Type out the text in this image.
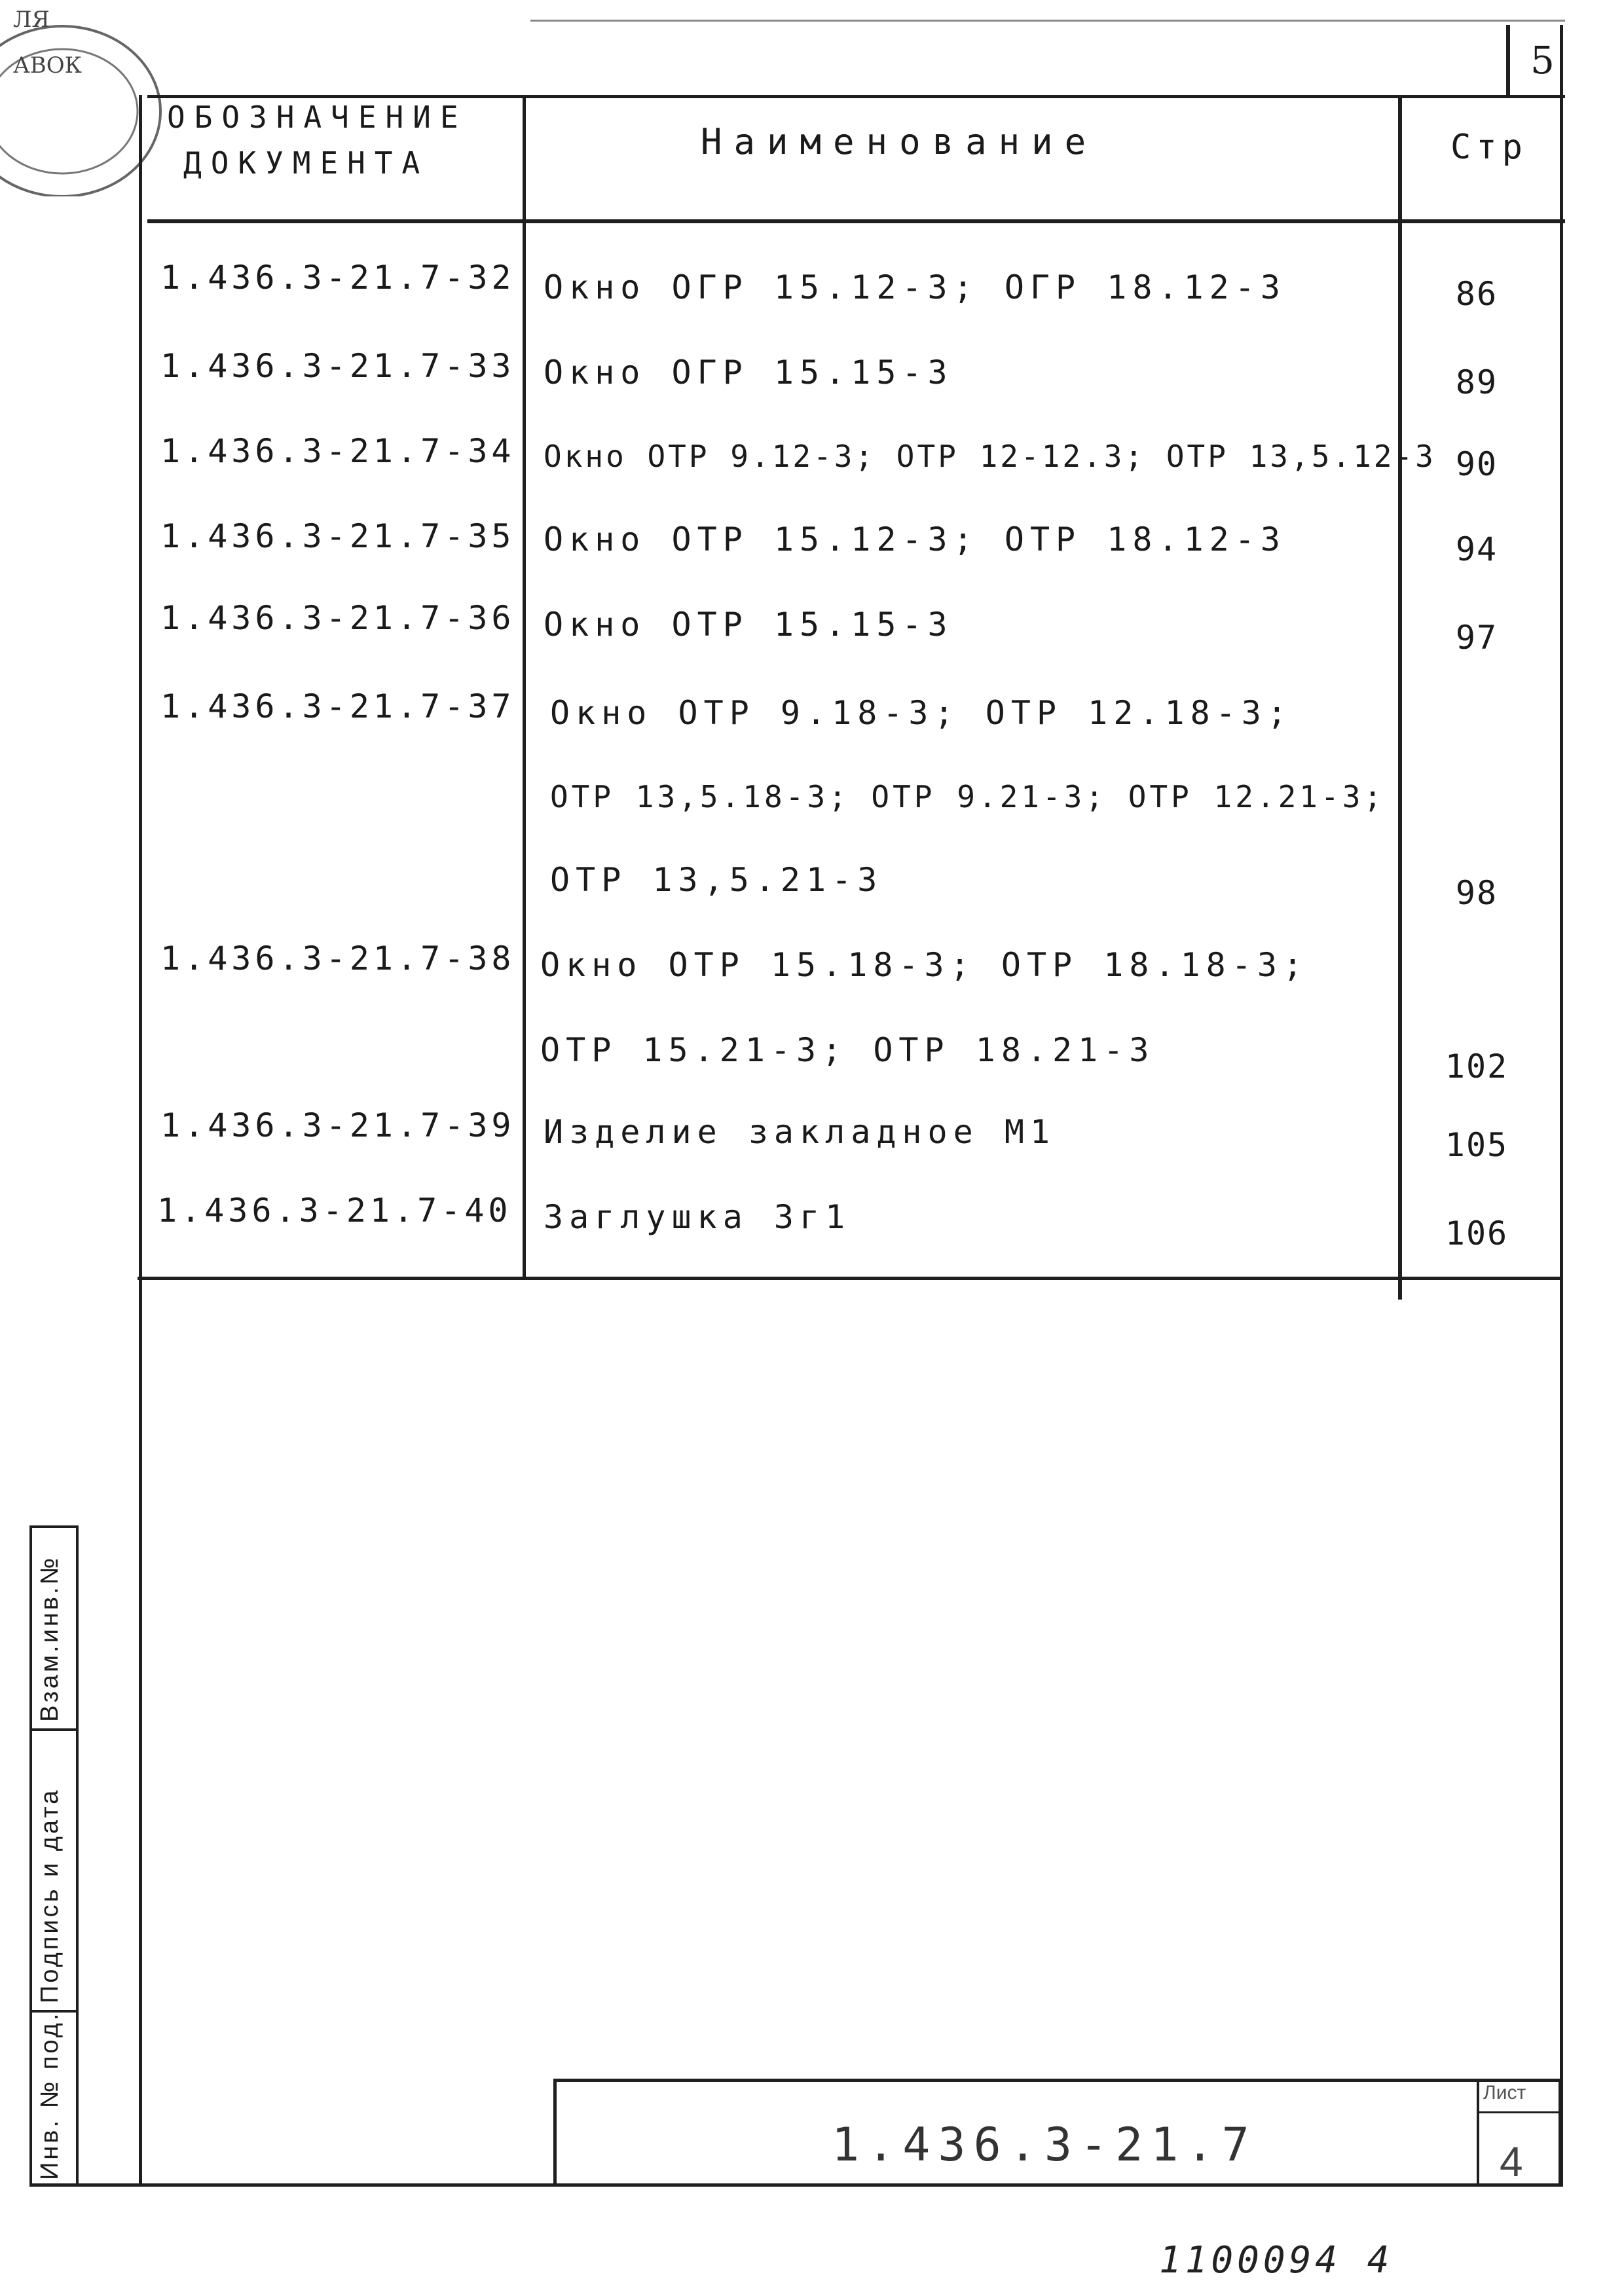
ЛЯ
АВОК	5
ОБОЗНАЧЕНИЕ
ДОКУМЕНТА
Наименование	Стр
1.436.3-21.7-32 Окно ОГР 15.12-3; ОГР 18.12-3	86
1.436.3-21.7-33 Окно ОГР 15.15-3	89
1.436.3-21.7-34 Окно ОТР 9.12-3; ОТР 12-12.3; ОТР 13,5.12-3 90
1.436.3-21.7-35 Окно ОТР 15.12-3; ОТР 18.12-3	94
1.436.3-21.7-36 Окно ОТР 15.15-3	97
1.436.3-21.7-37 Окно ОТР 9.18-3; ОТР 12.18-3;
ОТР 13,5.18-3; ОТР 9.21-3; ОТР 12.21-3;
ОТР 13,5.21-3	98
1.436.3-21.7-38 Окно ОТР 15.18-3; ОТР 18.18-3;
ОТР 15.21-3; ОТР 18.21-3	102
1.436.3-21.7-39 Изделие закладное М1	105
1.436.3-21.7-40 Заглушка 3г1	106
Взам.инв.№
Подпись и дата
Инв. № под.	1.436.3-21.7
Лист
4
1100094 4
